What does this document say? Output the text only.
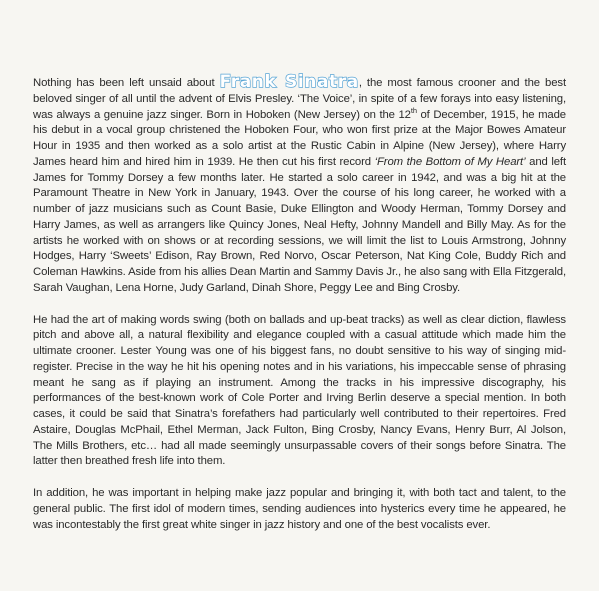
Nothing has been left unsaid about Frank Sinatra, the most famous crooner and the best beloved singer of all until the advent of Elvis Presley. ‘The Voice’, in spite of a few forays into easy listening, was always a genuine jazz singer. Born in Hoboken (New Jersey) on the 12th of December, 1915, he made his debut in a vocal group christened the Hoboken Four, who won first prize at the Major Bowes Amateur Hour in 1935 and then worked as a solo artist at the Rustic Cabin in Alpine (New Jersey), where Harry James heard him and hired him in 1939. He then cut his first record ‘From the Bottom of My Heart’ and left James for Tommy Dorsey a few months later. He started a solo career in 1942, and was a big hit at the Paramount Theatre in New York in January, 1943. Over the course of his long career, he worked with a number of jazz musicians such as Count Basie, Duke Ellington and Woody Herman, Tommy Dorsey and Harry James, as well as arrangers like Quincy Jones, Neal Hefty, Johnny Mandell and Billy May. As for the artists he worked with on shows or at recording sessions, we will limit the list to Louis Armstrong, Johnny Hodges, Harry ‘Sweets’ Edison, Ray Brown, Red Norvo, Oscar Peterson, Nat King Cole, Buddy Rich and Coleman Hawkins. Aside from his allies Dean Martin and Sammy Davis Jr., he also sang with Ella Fitzgerald, Sarah Vaughan, Lena Horne, Judy Garland, Dinah Shore, Peggy Lee and Bing Crosby.

He had the art of making words swing (both on ballads and up-beat tracks) as well as clear diction, flawless pitch and above all, a natural flexibility and elegance coupled with a casual attitude which made him the ultimate crooner. Lester Young was one of his biggest fans, no doubt sensitive to his way of singing mid-register. Precise in the way he hit his opening notes and in his variations, his impeccable sense of phrasing meant he sang as if playing an instrument. Among the tracks in his impressive discography, his performances of the best-known work of Cole Porter and Irving Berlin deserve a special mention. In both cases, it could be said that Sinatra’s forefathers had particularly well contributed to their repertoires. Fred Astaire, Douglas McPhail, Ethel Merman, Jack Fulton, Bing Crosby, Nancy Evans, Henry Burr, Al Jolson, The Mills Brothers, etc… had all made seemingly unsurpassable covers of their songs before Sinatra. The latter then breathed fresh life into them.

In addition, he was important in helping make jazz popular and bringing it, with both tact and talent, to the general public. The first idol of modern times, sending audiences into hysterics every time he appeared, he was incontestably the first great white singer in jazz history and one of the best vocalists ever.
